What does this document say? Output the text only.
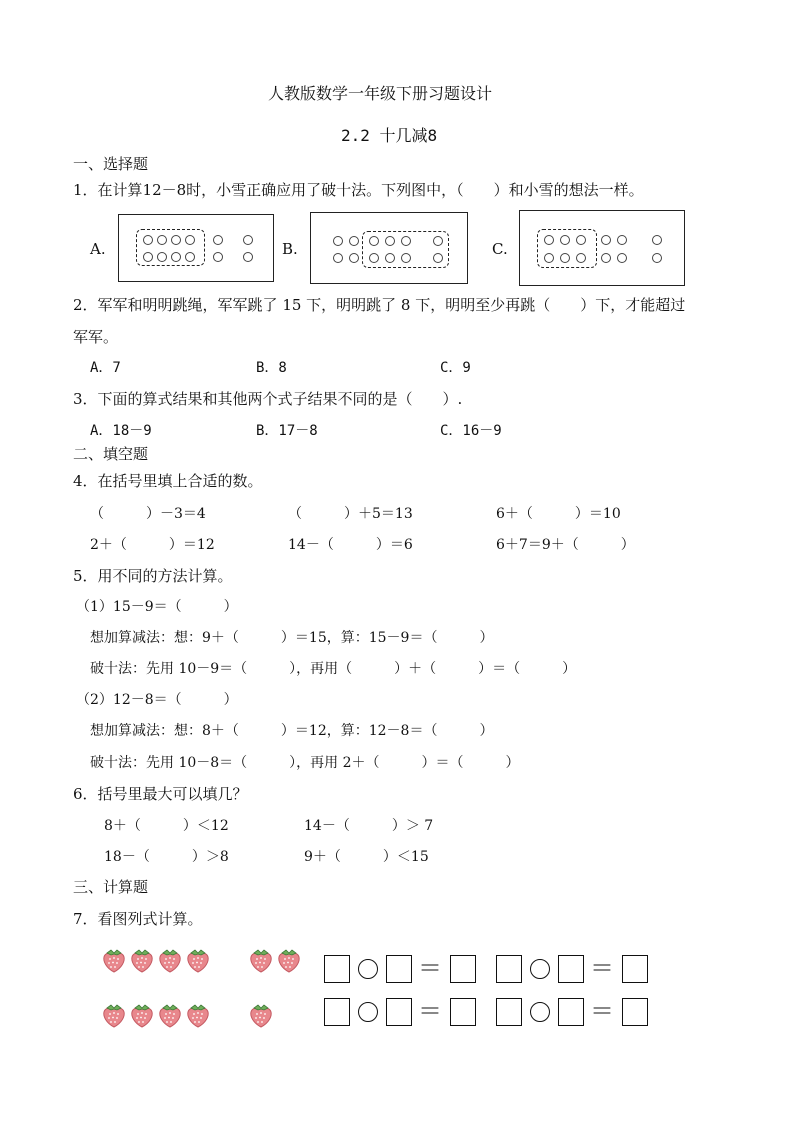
人教版数学一年级下册习题设计
2.2 十几减8
一、选择题
1．在计算12－8时，小雪正确应用了破十法。下列图中，（　　）和小雪的想法一样。
A.	B.	C.
2．军军和明明跳绳，军军跳了 15 下，明明跳了 8 下，明明至少再跳（　　）下，才能超过
军军。
A．7	B．8	C．9
3．下面的算式结果和其他两个式子结果不同的是（　　）.
A．18－9	B．17－8	C．16－9
二、填空题
4．在括号里填上合适的数。
（　　　）－3＝4	（　　　）＋5＝13	6＋（　　　）＝10
2＋（　　　）＝12	14－（　　　）＝6	6＋7＝9＋（　　　）
5．用不同的方法计算。
（1）15－9＝（　　　）
想加算减法：想：9＋（　　　）＝15，算：15－9＝（　　　）
破十法：先用 10－9＝（　　　），再用（　　　）＋（　　　）＝（　　　）
（2）12－8＝（　　　）
想加算减法：想：8＋（　　　）＝12，算：12－8＝（　　　）
破十法：先用 10－8＝（　　　），再用 2＋（　　　）＝（　　　）
6．括号里最大可以填几？
8＋（　　　）＜12	14－（　　　）＞ 7
18－（　　　）＞8	9＋（　　　）＜15
三、计算题
7．看图列式计算。
＝	＝
＝	＝
